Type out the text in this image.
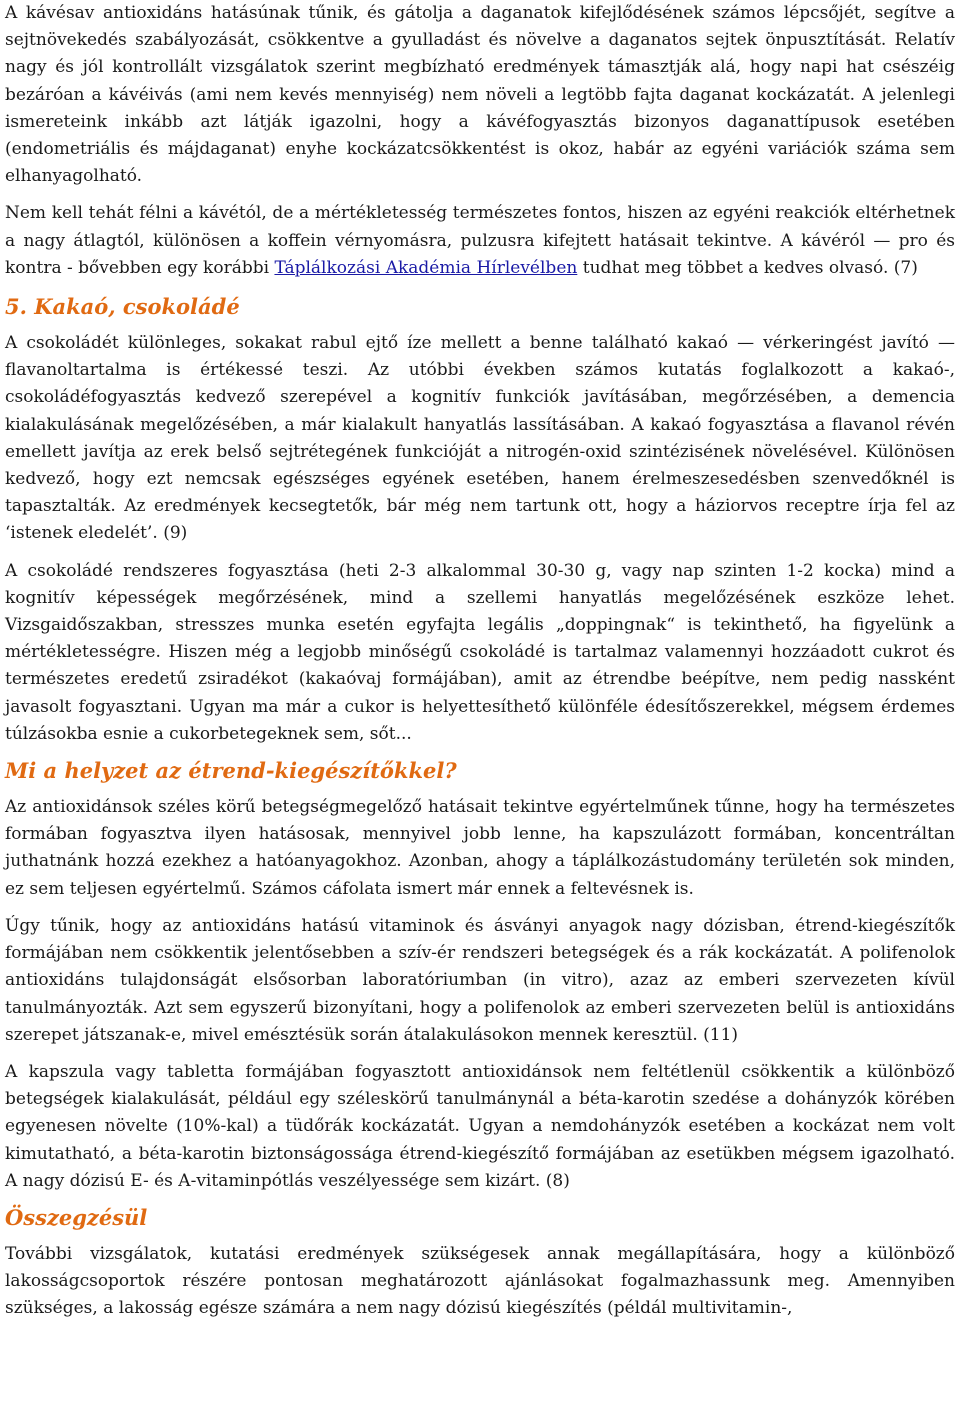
A kávésav antioxidáns hatásúnak tűnik, és gátolja a daganatok kifejlődésének számos lépcsőjét, segítve a sejtnövekedés szabályozását, csökkentve a gyulladást és növelve a daganatos sejtek önpusztítását. Relatív nagy és jól kontrollált vizsgálatok szerint megbízható eredmények támasztják alá, hogy napi hat csészéig bezáróan a kávéivás (ami nem kevés mennyiség) nem növeli a legtöbb fajta daganat kockázatát. A jelenlegi ismereteink inkább azt látják igazolni, hogy a kávéfogyasztás bizonyos daganattípusok esetében (endometriális és májdaganat) enyhe kockázatcsökkentést is okoz, habár az egyéni variációk száma sem elhanyagolható.

Nem kell tehát félni a kávétól, de a mértékletesség természetes fontos, hiszen az egyéni reakciók eltérhetnek a nagy átlagtól, különösen a koffein vérnyomásra, pulzusra kifejtett hatásait tekintve. A kávéról — pro és kontra - bővebben egy korábbi Táplálkozási Akadémia Hírlevélben tudhat meg többet a kedves olvasó. (7)

5. Kakaó, csokoládé

A csokoládét különleges, sokakat rabul ejtő íze mellett a benne található kakaó — vérkeringést javító — flavanoltartalma is értékessé teszi. Az utóbbi években számos kutatás foglalkozott a kakaó-, csokoládéfogyasztás kedvező szerepével a kognitív funkciók javításában, megőrzésében, a demencia kialakulásának megelőzésében, a már kialakult hanyatlás lassításában. A kakaó fogyasztása a flavanol révén emellett javítja az erek belső sejtrétegének funkcióját a nitrogén-oxid szintézisének növelésével. Különösen kedvező, hogy ezt nemcsak egészséges egyének esetében, hanem érelmeszesedésben szenvedőknél is tapasztalták. Az eredmények kecsegtetők, bár még nem tartunk ott, hogy a háziorvos receptre írja fel az ‘istenek eledelét’. (9)

A csokoládé rendszeres fogyasztása (heti 2-3 alkalommal 30-30 g, vagy nap szinten 1-2 kocka) mind a kognitív képességek megőrzésének, mind a szellemi hanyatlás megelőzésének eszköze lehet. Vizsgaidőszakban, stresszes munka esetén egyfajta legális „doppingnak“ is tekinthető, ha figyelünk a mértékletességre. Hiszen még a legjobb minőségű csokoládé is tartalmaz valamennyi hozzáadott cukrot és természetes eredetű zsiradékot (kakaóvaj formájában), amit az étrendbe beépítve, nem pedig nassként javasolt fogyasztani. Ugyan ma már a cukor is helyettesíthető különféle édesítőszerekkel, mégsem érdemes túlzásokba esnie a cukorbetegeknek sem, sőt...

Mi a helyzet az étrend-kiegészítőkkel?

Az antioxidánsok széles körű betegségmegelőző hatásait tekintve egyértelműnek tűnne, hogy ha természetes formában fogyasztva ilyen hatásosak, mennyivel jobb lenne, ha kapszulázott formában, koncentráltan juthatnánk hozzá ezekhez a hatóanyagokhoz. Azonban, ahogy a táplálkozástudomány területén sok minden, ez sem teljesen egyértelmű. Számos cáfolata ismert már ennek a feltevésnek is.

Úgy tűnik, hogy az antioxidáns hatású vitaminok és ásványi anyagok nagy dózisban, étrend-kiegészítők formájában nem csökkentik jelentősebben a szív-ér rendszeri betegségek és a rák kockázatát. A polifenolok antioxidáns tulajdonságát elsősorban laboratóriumban (in vitro), azaz az emberi szervezeten kívül tanulmányozták. Azt sem egyszerű bizonyítani, hogy a polifenolok az emberi szervezeten belül is antioxidáns szerepet játszanak-e, mivel emésztésük során átalakulásokon mennek keresztül. (11)

A kapszula vagy tabletta formájában fogyasztott antioxidánsok nem feltétlenül csökkentik a különböző betegségek kialakulását, például egy széleskörű tanulmánynál a béta-karotin szedése a dohányzók körében egyenesen növelte (10%-kal) a tüdőrák kockázatát. Ugyan a nemdohányzók esetében a kockázat nem volt kimutatható, a béta-karotin biztonságossága étrend-kiegészítő formájában az esetükben mégsem igazolható. A nagy dózisú E- és A-vitaminpótlás veszélyessége sem kizárt. (8)

Összegzésül

További vizsgálatok, kutatási eredmények szükségesek annak megállapítására, hogy a különböző lakosságcsoportok részére pontosan meghatározott ajánlásokat fogalmazhassunk meg. Amennyiben szükséges, a lakosság egésze számára a nem nagy dózisú kiegészítés (példál multivitamin-,
